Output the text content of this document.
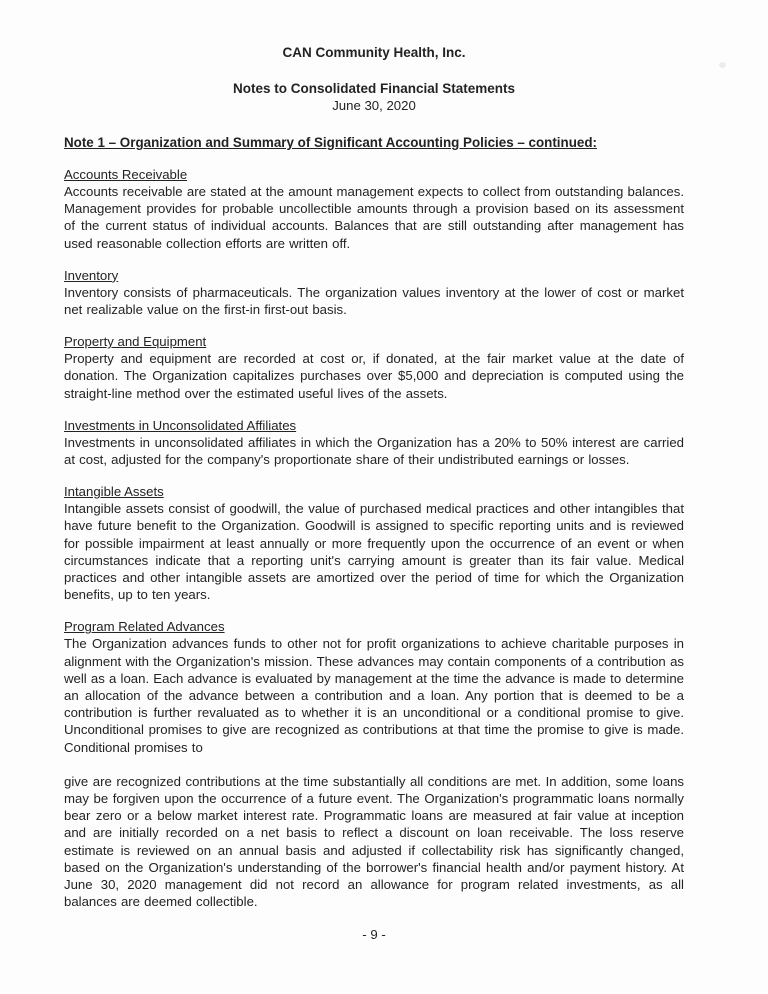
CAN Community Health, Inc.

Notes to Consolidated Financial Statements

June 30, 2020

Note 1 – Organization and Summary of Significant Accounting Policies – continued:

Accounts Receivable

Accounts receivable are stated at the amount management expects to collect from outstanding balances. Management provides for probable uncollectible amounts through a provision based on its assessment of the current status of individual accounts. Balances that are still outstanding after management has used reasonable collection efforts are written off.

Inventory

Inventory consists of pharmaceuticals. The organization values inventory at the lower of cost or market net realizable value on the first-in first-out basis.

Property and Equipment

Property and equipment are recorded at cost or, if donated, at the fair market value at the date of donation. The Organization capitalizes purchases over $5,000 and depreciation is computed using the straight-line method over the estimated useful lives of the assets.

Investments in Unconsolidated Affiliates

Investments in unconsolidated affiliates in which the Organization has a 20% to 50% interest are carried at cost, adjusted for the company's proportionate share of their undistributed earnings or losses.

Intangible Assets

Intangible assets consist of goodwill, the value of purchased medical practices and other intangibles that have future benefit to the Organization. Goodwill is assigned to specific reporting units and is reviewed for possible impairment at least annually or more frequently upon the occurrence of an event or when circumstances indicate that a reporting unit's carrying amount is greater than its fair value. Medical practices and other intangible assets are amortized over the period of time for which the Organization benefits, up to ten years.

Program Related Advances

The Organization advances funds to other not for profit organizations to achieve charitable purposes in alignment with the Organization's mission. These advances may contain components of a contribution as well as a loan. Each advance is evaluated by management at the time the advance is made to determine an allocation of the advance between a contribution and a loan. Any portion that is deemed to be a contribution is further revaluated as to whether it is an unconditional or a conditional promise to give. Unconditional promises to give are recognized as contributions at that time the promise to give is made. Conditional promises to

give are recognized contributions at the time substantially all conditions are met. In addition, some loans may be forgiven upon the occurrence of a future event. The Organization's programmatic loans normally bear zero or a below market interest rate. Programmatic loans are measured at fair value at inception and are initially recorded on a net basis to reflect a discount on loan receivable. The loss reserve estimate is reviewed on an annual basis and adjusted if collectability risk has significantly changed, based on the Organization's understanding of the borrower's financial health and/or payment history. At June 30, 2020 management did not record an allowance for program related investments, as all balances are deemed collectible.

- 9 -
